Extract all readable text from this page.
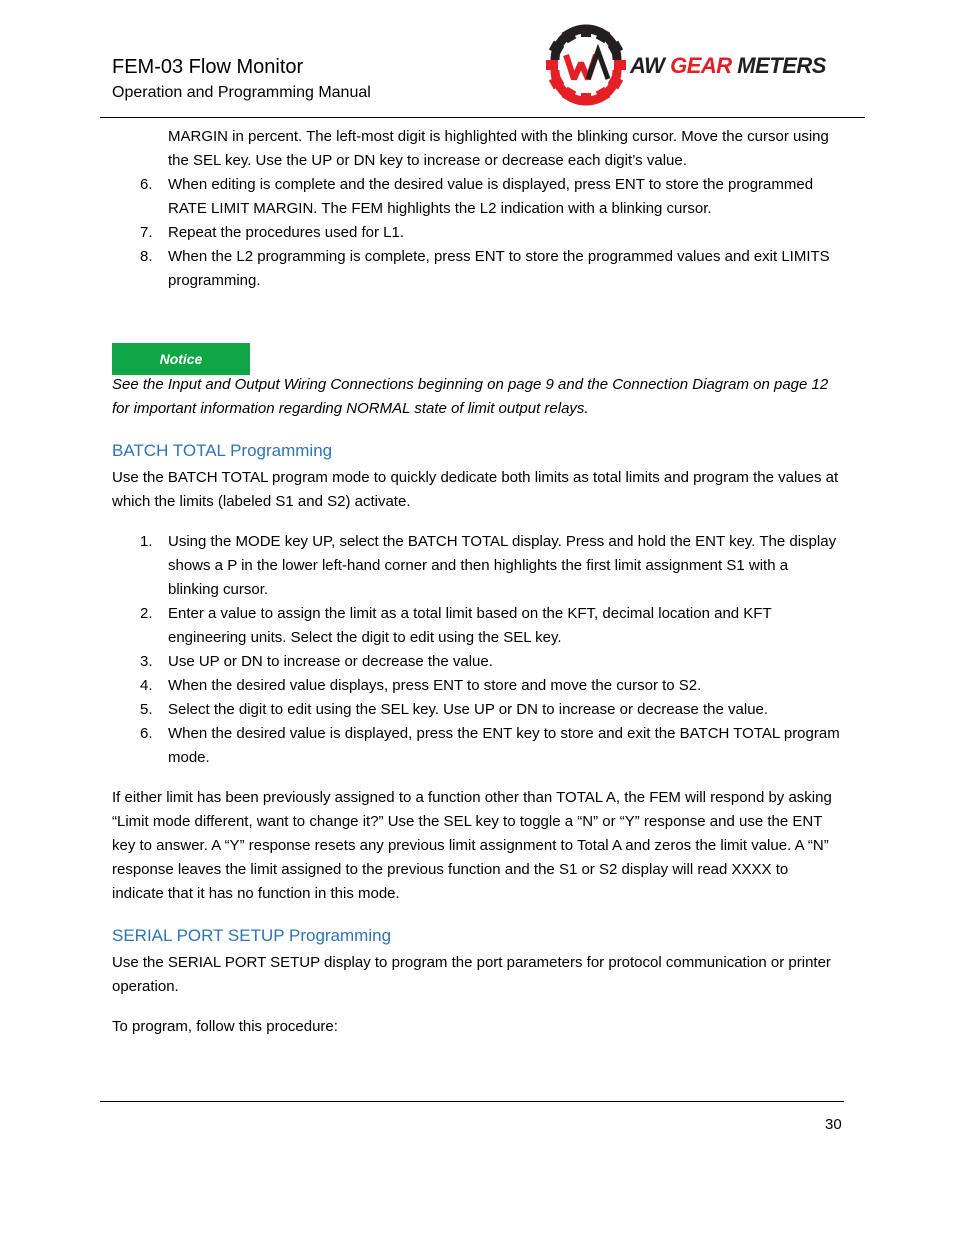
FEM-03 Flow Monitor
Operation and Programming Manual
AW GEAR METERS

MARGIN in percent. The left-most digit is highlighted with the blinking cursor. Move the cursor using the SEL key. Use the UP or DN key to increase or decrease each digit’s value.

6. When editing is complete and the desired value is displayed, press ENT to store the programmed RATE LIMIT MARGIN. The FEM highlights the L2 indication with a blinking cursor.
7. Repeat the procedures used for L1.
8. When the L2 programming is complete, press ENT to store the programmed values and exit LIMITS programming.
Notice

See the Input and Output Wiring Connections beginning on page 9 and the Connection Diagram on page 12 for important information regarding NORMAL state of limit output relays.

BATCH TOTAL Programming

Use the BATCH TOTAL program mode to quickly dedicate both limits as total limits and program the values at which the limits (labeled S1 and S2) activate.

1. Using the MODE key UP, select the BATCH TOTAL display. Press and hold the ENT key. The display shows a P in the lower left-hand corner and then highlights the first limit assignment S1 with a blinking cursor.
2. Enter a value to assign the limit as a total limit based on the KFT, decimal location and KFT engineering units. Select the digit to edit using the SEL key.
3. Use UP or DN to increase or decrease the value.
4. When the desired value displays, press ENT to store and move the cursor to S2.
5. Select the digit to edit using the SEL key. Use UP or DN to increase or decrease the value.
6. When the desired value is displayed, press the ENT key to store and exit the BATCH TOTAL program mode.

If either limit has been previously assigned to a function other than TOTAL A, the FEM will respond by asking “Limit mode different, want to change it?” Use the SEL key to toggle a “N” or “Y” response and use the ENT key to answer. A “Y” response resets any previous limit assignment to Total A and zeros the limit value. A “N” response leaves the limit assigned to the previous function and the S1 or S2 display will read XXXX to indicate that it has no function in this mode.

SERIAL PORT SETUP Programming

Use the SERIAL PORT SETUP display to program the port parameters for protocol communication or printer operation.

To program, follow this procedure:

30
